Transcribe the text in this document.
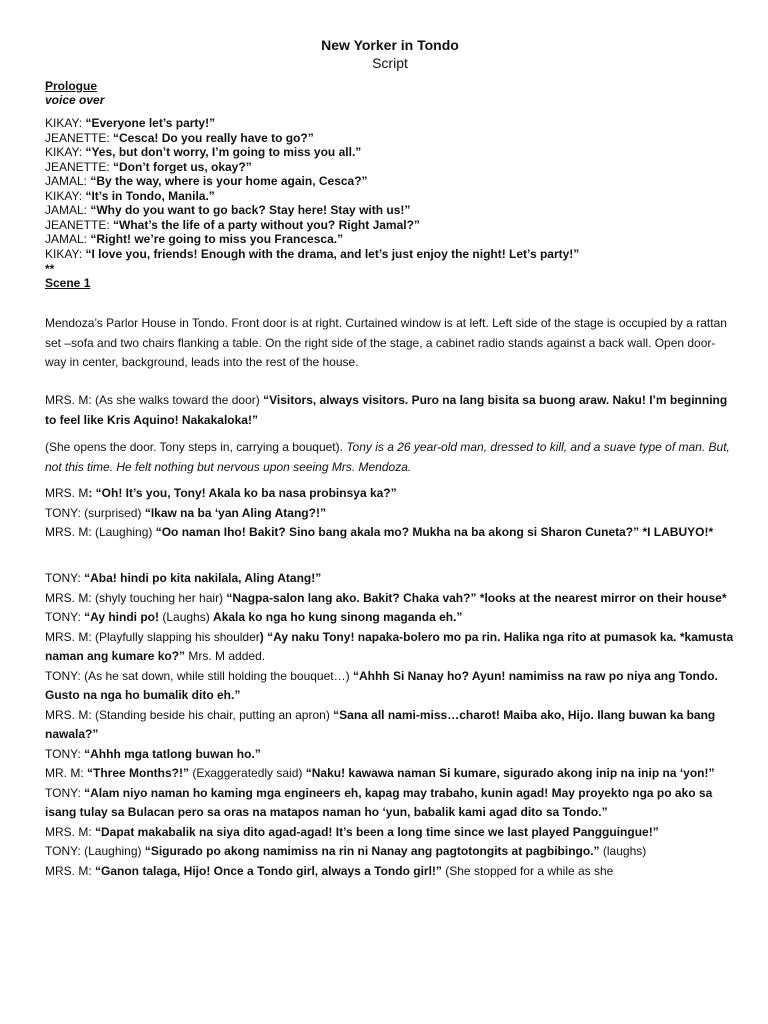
New Yorker in Tondo
Script
Prologue
voice over
KIKAY: “Everyone let’s party!”
JEANETTE: “Cesca! Do you really have to go?”
KIKAY: “Yes, but don’t worry, I’m going to miss you all.”
JEANETTE: “Don’t forget us, okay?”
JAMAL: “By the way, where is your home again, Cesca?”
KIKAY: “It’s in Tondo, Manila.”
JAMAL: “Why do you want to go back? Stay here! Stay with us!”
JEANETTE: “What’s the life of a party without you? Right Jamal?”
JAMAL: “Right! we’re going to miss you Francesca.”
KIKAY: “I love you, friends! Enough with the drama, and let’s just enjoy the night! Let’s party!”
**
Scene 1

Mendoza’s Parlor House in Tondo. Front door is at right. Curtained window is at left. Left side of the stage is occupied by a rattan set –sofa and two chairs flanking a table. On the right side of the stage, a cabinet radio stands against a back wall. Open door-way in center, background, leads into the rest of the house.

MRS. M: (As she walks toward the door) “Visitors, always visitors. Puro na lang bisita sa buong araw. Naku! I’m beginning to feel like Kris Aquino! Nakakaloka!”

(She opens the door. Tony steps in, carrying a bouquet). Tony is a 26 year-old man, dressed to kill, and a suave type of man. But, not this time. He felt nothing but nervous upon seeing Mrs. Mendoza.

MRS. M: “Oh! It’s you, Tony! Akala ko ba nasa probinsya ka?”

TONY: (surprised) “Ikaw na ba ‘yan Aling Atang?!”

MRS. M: (Laughing) “Oo naman Iho! Bakit? Sino bang akala mo? Mukha na ba akong si Sharon Cuneta?” *I LABUYO!*

TONY: “Aba! hindi po kita nakilala, Aling Atang!”

MRS. M: (shyly touching her hair) “Nagpa-salon lang ako. Bakit? Chaka vah?” *looks at the nearest mirror on their house*

TONY: “Ay hindi po! (Laughs) Akala ko nga ho kung sinong maganda eh.”

MRS. M: (Playfully slapping his shoulder) “Ay naku Tony! napaka-bolero mo pa rin. Halika nga rito at pumasok ka. *kamusta naman ang kumare ko?” Mrs. M added.

TONY: (As he sat down, while still holding the bouquet…) “Ahhh Si Nanay ho? Ayun! namimiss na raw po niya ang Tondo. Gusto na nga ho bumalik dito eh.”

MRS. M: (Standing beside his chair, putting an apron) “Sana all nami-miss…charot! Maiba ako, Hijo. Ilang buwan ka bang nawala?”

TONY: “Ahhh mga tatlong buwan ho.”

MR. M: “Three Months?!” (Exaggeratedly said) “Naku! kawawa naman Si kumare, sigurado akong inip na inip na ‘yon!”

TONY: “Alam niyo naman ho kaming mga engineers eh, kapag may trabaho, kunin agad! May proyekto nga po ako sa isang tulay sa Bulacan pero sa oras na matapos naman ho ‘yun, babalik kami agad dito sa Tondo.”

MRS. M: “Dapat makabalik na siya dito agad-agad! It’s been a long time since we last played Pangguingue!”

TONY: (Laughing) “Sigurado po akong namimiss na rin ni Nanay ang pagtotongits at pagbibingo.” (laughs)

MRS. M: “Ganon talaga, Hijo! Once a Tondo girl, always a Tondo girl!” (She stopped for a while as she
